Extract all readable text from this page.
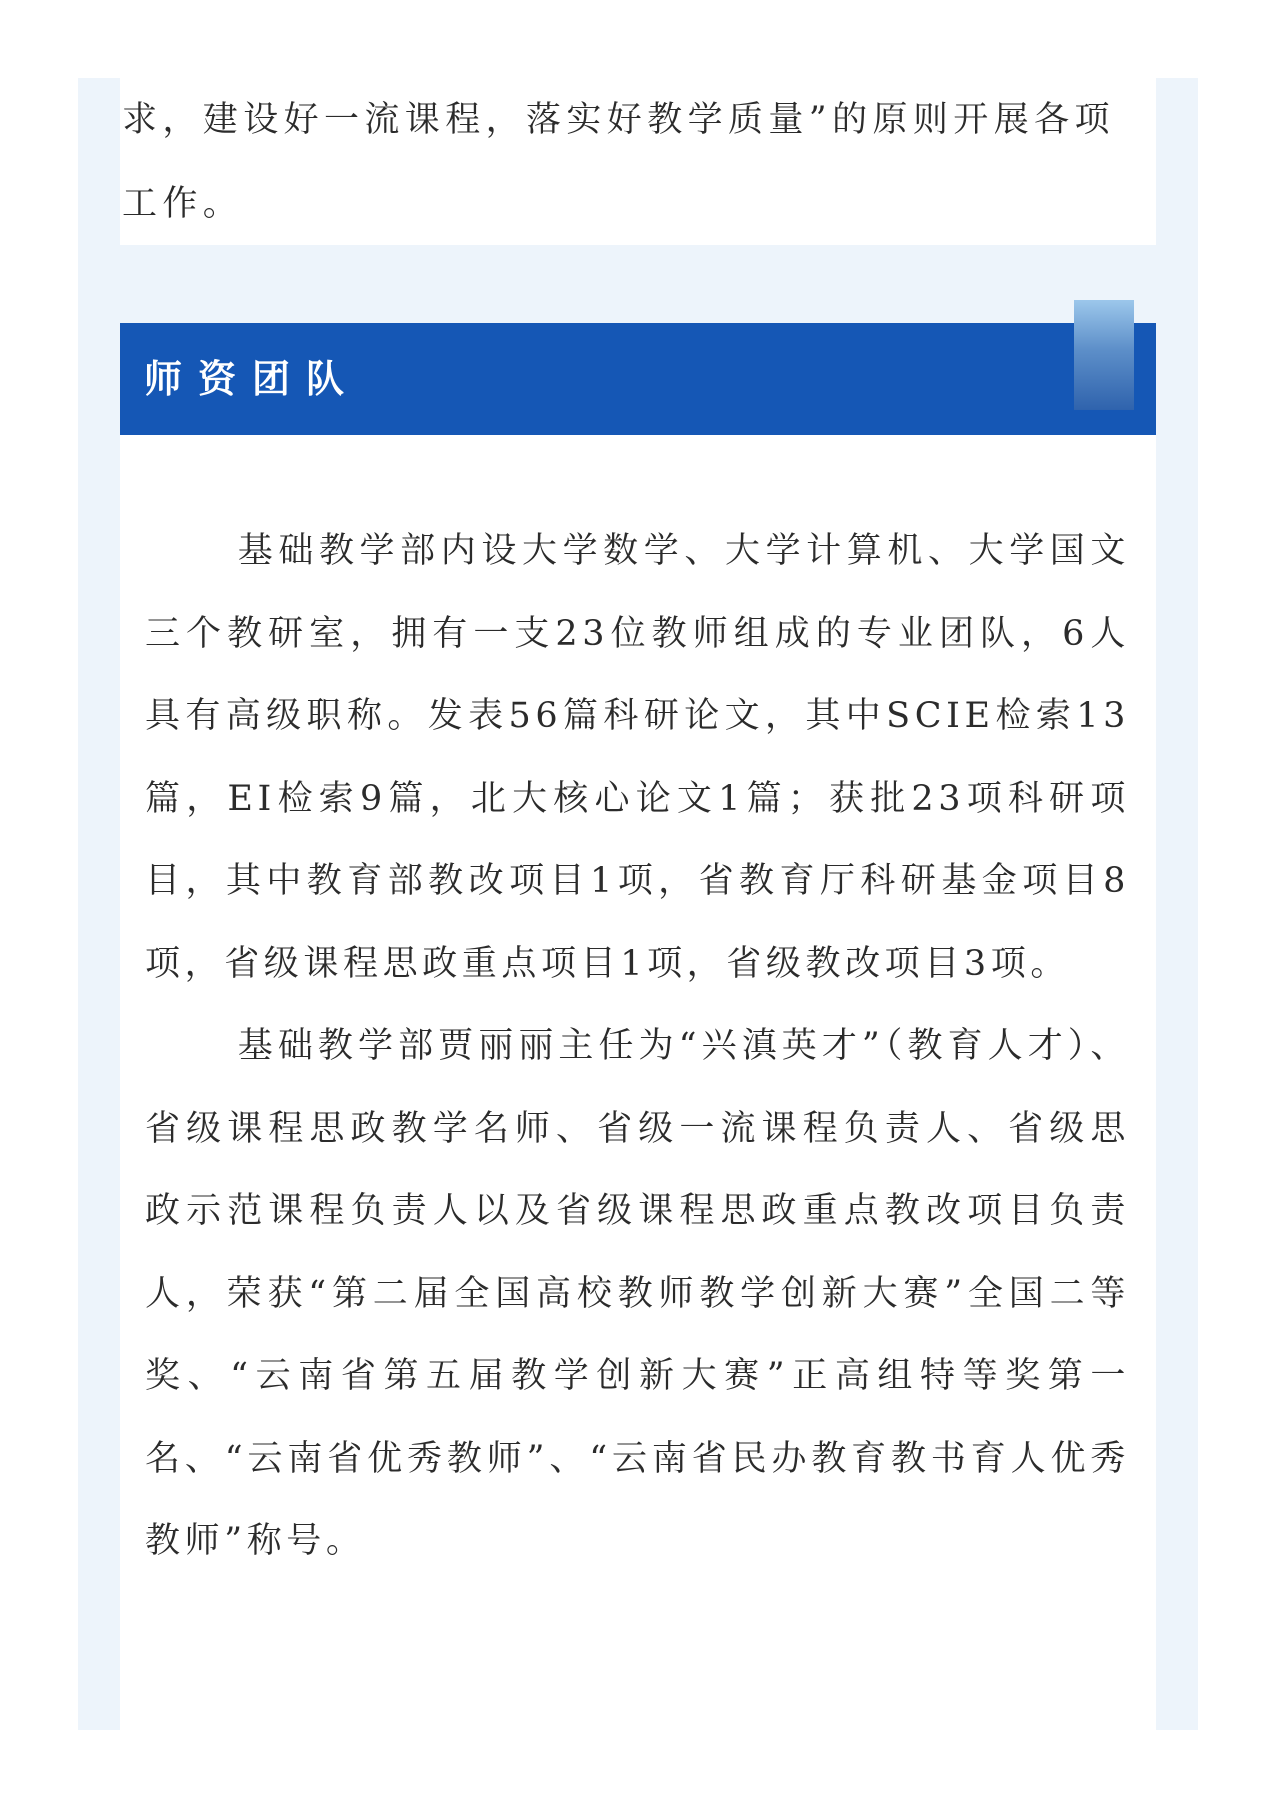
求，建设好一流课程，落实好教学质量”的原则开展各项
工作。

师资团队

基础教学部内设大学数学、大学计算机、大学国文三个教研室，拥有一支23位教师组成的专业团队，6人具有高级职称。发表56篇科研论文，其中SCIE检索13篇，EI检索9篇，北大核心论文1篇；获批23项科研项目，其中教育部教改项目1项，省教育厅科研基金项目8项，省级课程思政重点项目1项，省级教改项目3项。

基础教学部贾丽丽主任为“兴滇英才”（教育人才）、省级课程思政教学名师、省级一流课程负责人、省级思政示范课程负责人以及省级课程思政重点教改项目负责人，荣获“第二届全国高校教师教学创新大赛”全国二等奖、“云南省第五届教学创新大赛”正高组特等奖第一名、“云南省优秀教师”、“云南省民办教育教书育人优秀教师”称号。
